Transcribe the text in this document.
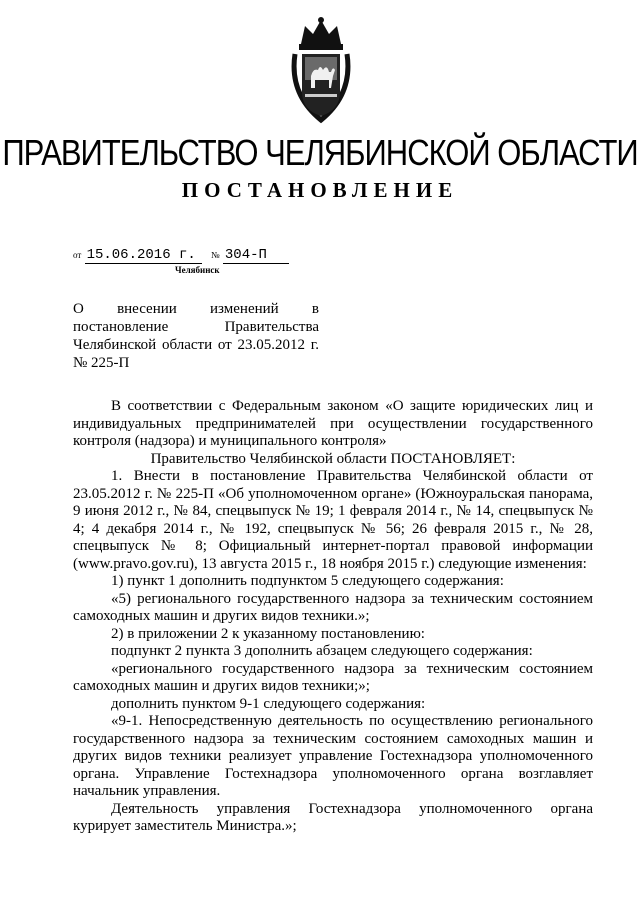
ПРАВИТЕЛЬСТВО ЧЕЛЯБИНСКОЙ ОБЛАСТИ
ПОСТАНОВЛЕНИЕ
от 15.06.2016 г. № 304-П
Челябинск
О внесении изменений в
постановление Правительства
Челябинской области от 23.05.2012 г.
№ 225-П

В соответствии с Федеральным законом «О защите юридических лиц и индивидуальных предпринимателей при осуществлении государственного контроля (надзора) и муниципального контроля»

Правительство Челябинской области ПОСТАНОВЛЯЕТ:

1. Внести в постановление Правительства Челябинской области от 23.05.2012 г. № 225-П «Об уполномоченном органе» (Южноуральская панорама, 9 июня 2012 г., № 84, спецвыпуск № 19; 1 февраля 2014 г., № 14, спецвыпуск № 4; 4 декабря 2014 г., № 192, спецвыпуск № 56; 26 февраля 2015 г., № 28, спецвыпуск № 8; Официальный интернет-портал правовой информации (www.pravo.gov.ru), 13 августа 2015 г., 18 ноября 2015 г.) следующие изменения:

1) пункт 1 дополнить подпунктом 5 следующего содержания:

«5) регионального государственного надзора за техническим состоянием самоходных машин и других видов техники.»;

2) в приложении 2 к указанному постановлению:

подпункт 2 пункта 3 дополнить абзацем следующего содержания:

«регионального государственного надзора за техническим состоянием самоходных машин и других видов техники;»;

дополнить пунктом 9-1 следующего содержания:

«9-1. Непосредственную деятельность по осуществлению регионального государственного надзора за техническим состоянием самоходных машин и других видов техники реализует управление Гостехнадзора уполномоченного органа. Управление Гостехнадзора уполномоченного органа возглавляет начальник управления.

Деятельность управления Гостехнадзора уполномоченного органа курирует заместитель Министра.»;
